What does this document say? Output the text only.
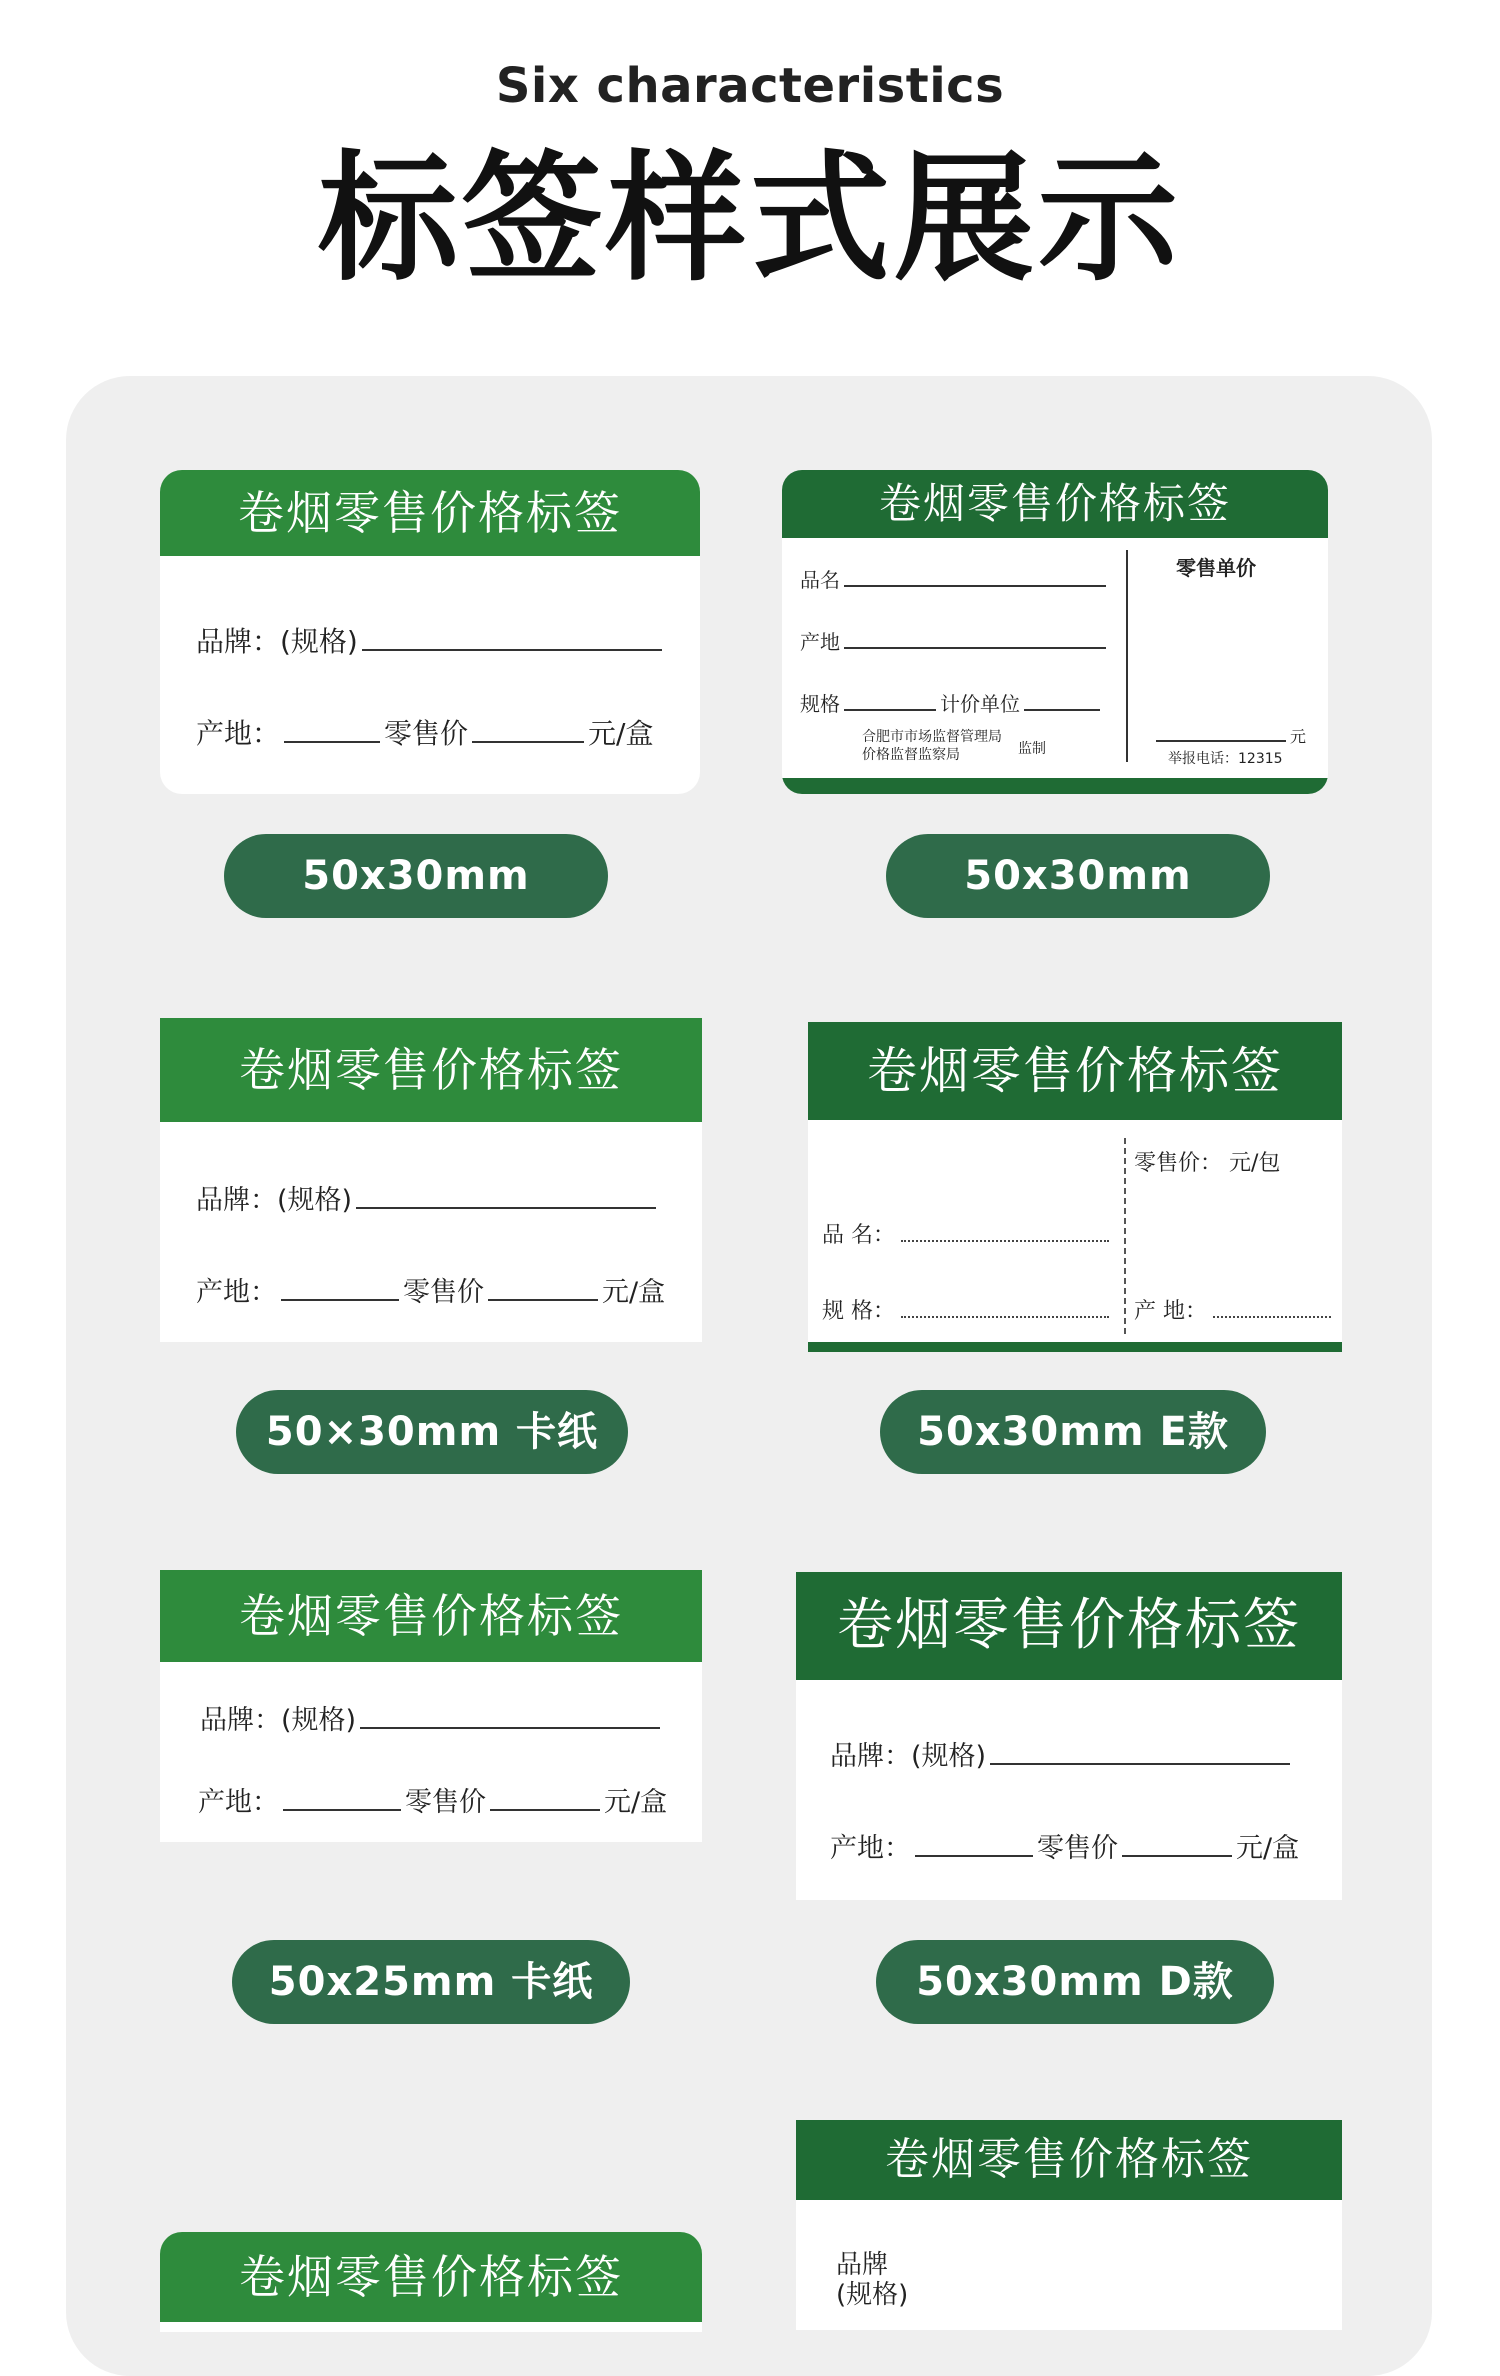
Six characteristics
标签样式展示
卷烟零售价格标签
品牌：(规格)
产地：	零售价	元/盒
50x30mm
卷烟零售价格标签
品名
产地
规格	计价单位
合肥市市场监督管理局
价格监督监察局	监制
零售单价
元
举报电话：12315
50x30mm
卷烟零售价格标签
品牌：(规格)
产地：	零售价	元/盒
50×30mm 卡纸
卷烟零售价格标签
零售价： 元/包
品 名：
规 格：	产 地：
50x30mm E款
卷烟零售价格标签
品牌：(规格)
产地：	零售价	元/盒
50x25mm 卡纸
卷烟零售价格标签
品牌：(规格)
产地：	零售价	元/盒
50x30mm D款
卷烟零售价格标签
品牌
(规格)
卷烟零售价格标签
